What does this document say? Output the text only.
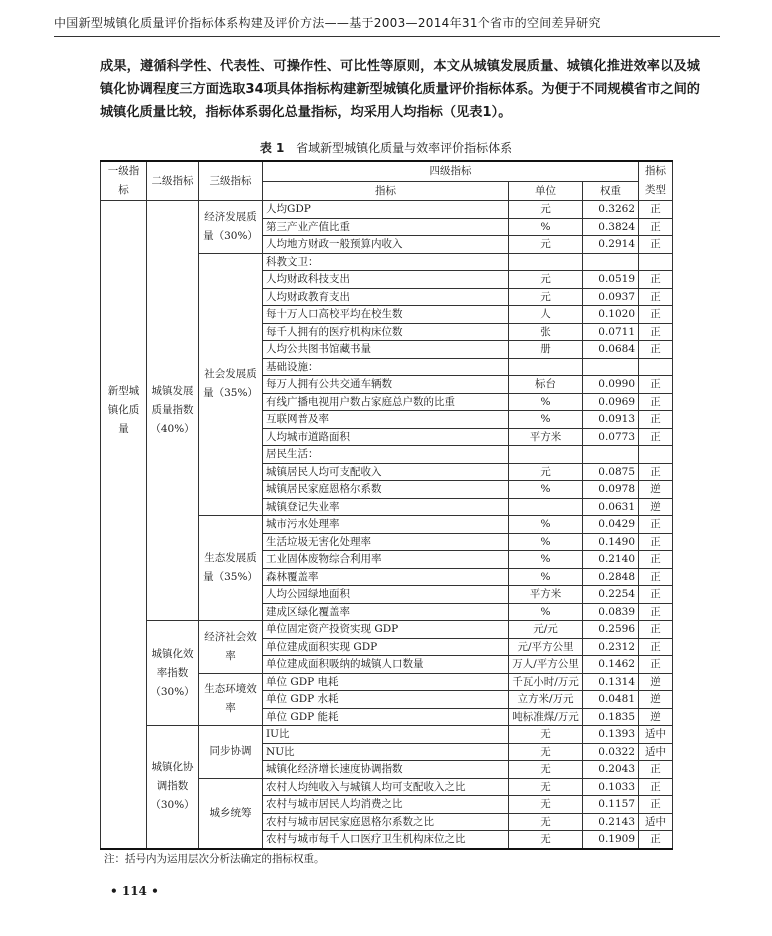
中国新型城镇化质量评价指标体系构建及评价方法——基于2003—2014年31个省市的空间差异研究
成果，遵循科学性、代表性、可操作性、可比性等原则，本文从城镇发展质量、城镇化推进效率以及城镇化协调程度三方面选取34项具体指标构建新型城镇化质量评价指标体系。为便于不同规模省市之间的城镇化质量比较，指标体系弱化总量指标，均采用人均指标（见表1）。
表 1 省域新型城镇化质量与效率评价指标体系
一级指标	二级指标	三级指标	四级指标			指标类型
			指标	单位	权重	
新型城镇化质量	城镇发展质量指数（40%）	经济发展质量（30%）	人均GDP	元	0.3262	正
			第三产业产值比重	%	0.3824	正
			人均地方财政一般预算内收入	元	0.2914	正
		社会发展质量（35%）	科教文卫：			
			人均财政科技支出	元	0.0519	正
			人均财政教育支出	元	0.0937	正
			每十万人口高校平均在校生数	人	0.1020	正
			每千人拥有的医疗机构床位数	张	0.0711	正
			人均公共图书馆藏书量	册	0.0684	正
			基础设施：			
			每万人拥有公共交通车辆数	标台	0.0990	正
			有线广播电视用户数占家庭总户数的比重	%	0.0969	正
			互联网普及率	%	0.0913	正
			人均城市道路面积	平方米	0.0773	正
			居民生活：			
			城镇居民人均可支配收入	元	0.0875	正
			城镇居民家庭恩格尔系数	%	0.0978	逆
			城镇登记失业率		0.0631	逆
		生态发展质量（35%）	城市污水处理率	%	0.0429	正
			生活垃圾无害化处理率	%	0.1490	正
			工业固体废物综合利用率	%	0.2140	正
			森林覆盖率	%	0.2848	正
			人均公园绿地面积	平方米	0.2254	正
			建成区绿化覆盖率	%	0.0839	正
	城镇化效率指数（30%）	经济社会效率	单位固定资产投资实现 GDP	元/元	0.2596	正
			单位建成面积实现 GDP	元/平方公里	0.2312	正
			单位建成面积吸纳的城镇人口数量	万人/平方公里	0.1462	正
		生态环境效率	单位 GDP 电耗	千瓦小时/万元	0.1314	逆
			单位 GDP 水耗	立方米/万元	0.0481	逆
			单位 GDP 能耗	吨标准煤/万元	0.1835	逆
	城镇化协调指数（30%）	同步协调	IU比	无	0.1393	适中
			NU比	无	0.0322	适中
			城镇化经济增长速度协调指数	无	0.2043	正
		城乡统筹	农村人均纯收入与城镇人均可支配收入之比	无	0.1033	正
			农村与城市居民人均消费之比	无	0.1157	正
			农村与城市居民家庭恩格尔系数之比	无	0.2143	适中
			农村与城市每千人口医疗卫生机构床位之比	无	0.1909	正
注：括号内为运用层次分析法确定的指标权重。
• 114 •
